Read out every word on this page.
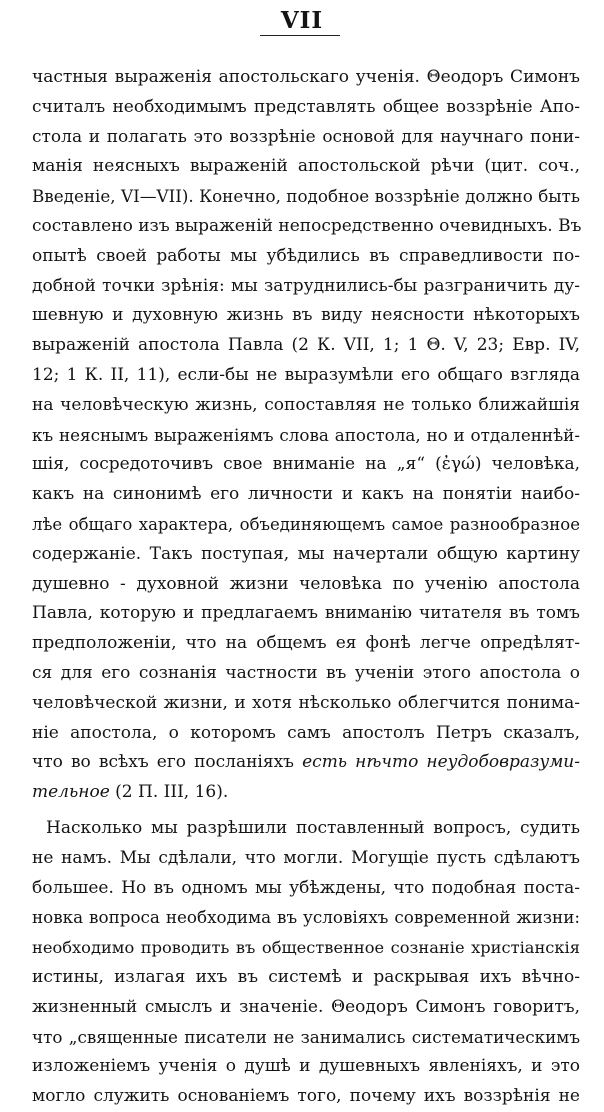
VII
частныя выраженія апостольскаго ученія. Θеодоръ Симонъ
считалъ необходимымъ представлять общее воззрѣніе Апо-
стола и полагать это воззрѣніе основой для научнаго пони-
манія неясныхъ выраженій апостольской рѣчи (цит. соч.,
Введеніе, VI—VII). Конечно, подобное воззрѣніе должно быть
составлено изъ выраженій непосредственно очевидныхъ. Въ
опытѣ своей работы мы убѣдились въ справедливости по-
добной точки зрѣнія: мы затруднились-бы разграничить ду-
шевную и духовную жизнь въ виду неясности нѣкоторыхъ
выраженій апостола Павла (2 К. VII, 1; 1 Θ. V, 23; Евр. IV,
12; 1 К. II, 11), если-бы не выразумѣли его общаго взгляда
на человѣческую жизнь, сопоставляя не только ближайшія
къ неяснымъ выраженіямъ слова апостола, но и отдаленнѣй-
шія, сосредоточивъ свое вниманіе на „я“ (ἐγώ) человѣка,
какъ на синонимѣ его личности и какъ на понятіи наибо-
лѣе общаго характера, объединяющемъ самое разнообразное
содержаніе. Такъ поступая, мы начертали общую картину
душевно - духовной жизни человѣка по ученію апостола
Павла, которую и предлагаемъ вниманію читателя въ томъ
предположеніи, что на общемъ ея фонѣ легче опредѣлят-
ся для его сознанія частности въ ученіи этого апостола о
человѣческой жизни, и хотя нѣсколько облегчится понима-
ніе апостола, о которомъ самъ апостолъ Петръ сказалъ,
что во всѣхъ его посланіяхъ есть нѣчто неудобовразуми-
тельное (2 П. III, 16).
Насколько мы разрѣшили поставленный вопросъ, судить
не намъ. Мы сдѣлали, что могли. Могущіе пусть сдѣлаютъ
большее. Но въ одномъ мы убѣждены, что подобная поста-
новка вопроса необходима въ условіяхъ современной жизни:
необходимо проводить въ общественное сознаніе христіанскія
истины, излагая ихъ въ системѣ и раскрывая ихъ вѣчно-
жизненный смыслъ и значеніе. Θеодоръ Симонъ говоритъ,
что „священные писатели не занимались систематическимъ
изложеніемъ ученія о душѣ и душевныхъ явленіяхъ, и это
могло служить основаніемъ того, почему ихъ воззрѣнія не
